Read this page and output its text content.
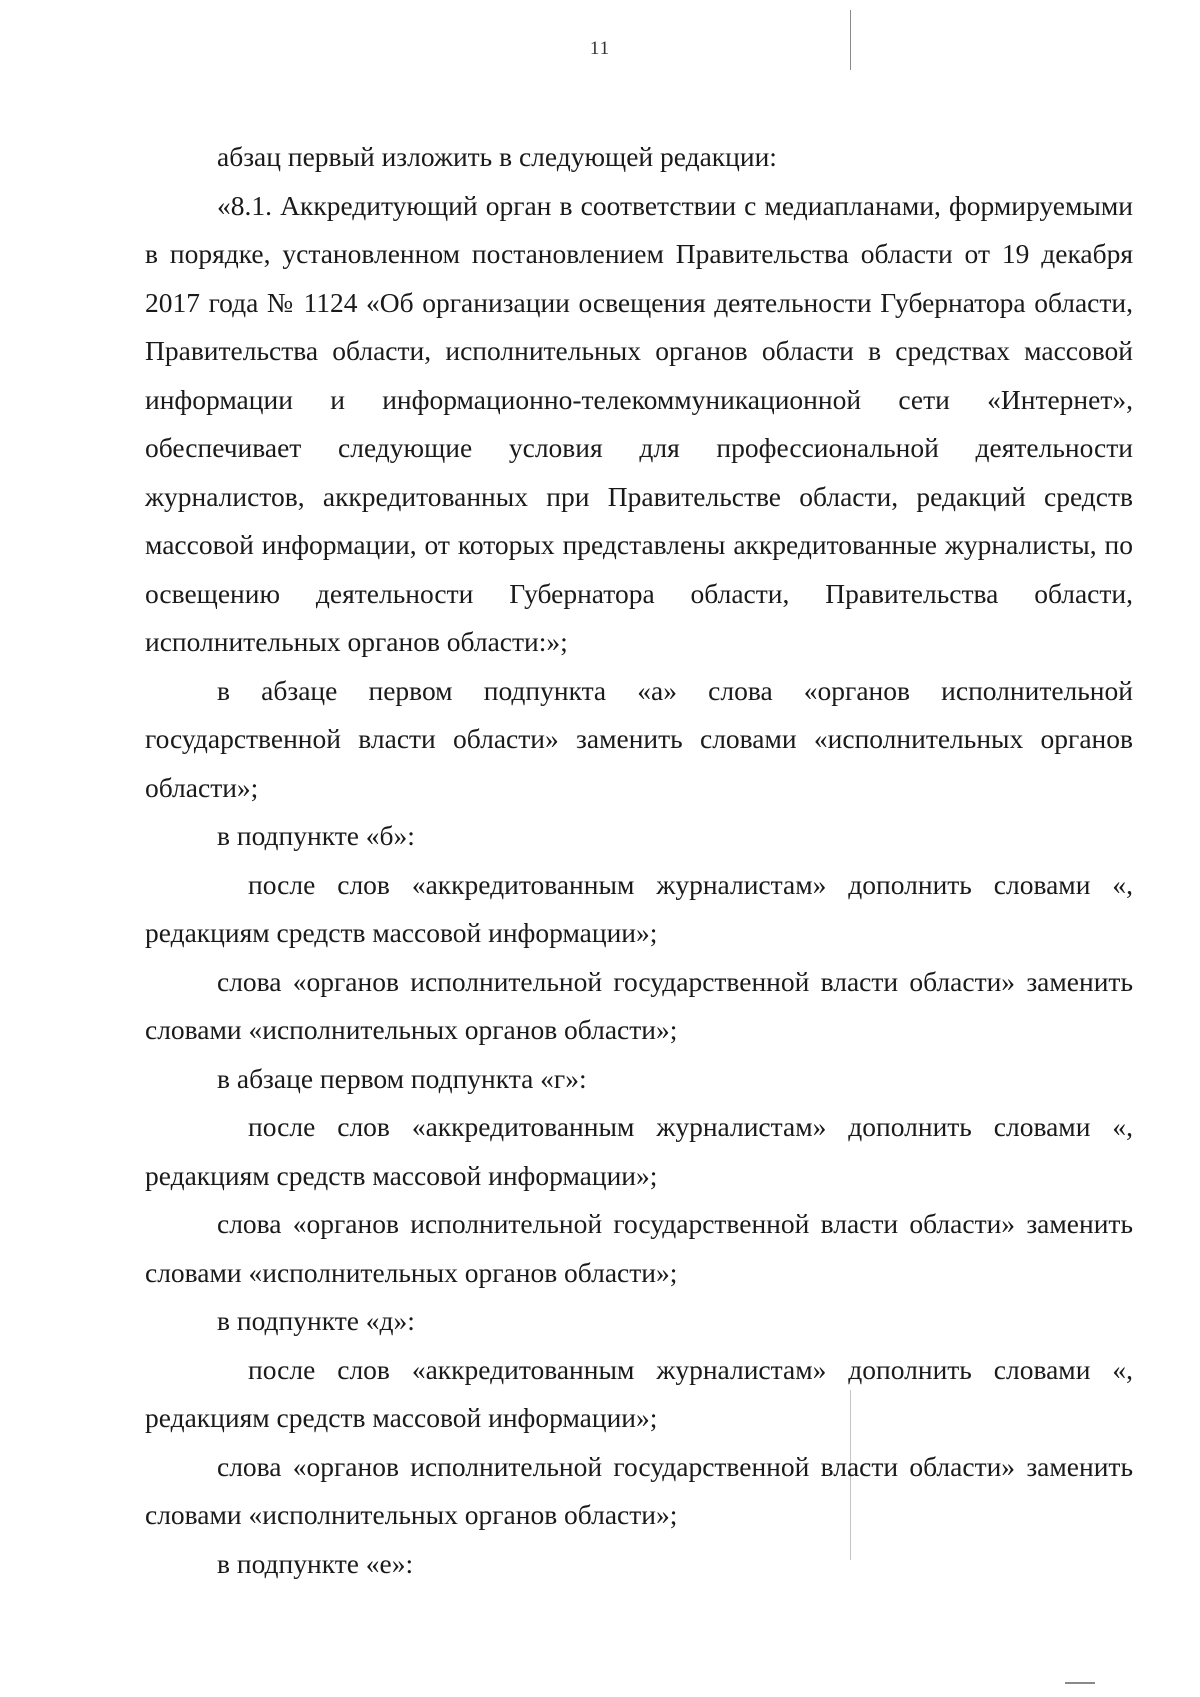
11

абзац первый изложить в следующей редакции:

«8.1. Аккредитующий орган в соответствии с медиапланами, формируемыми в порядке, установленном постановлением Правительства области от 19 декабря 2017 года № 1124 «Об организации освещения деятельности Губернатора области, Правительства области, исполнительных органов области в средствах массовой информации и информационно-телекоммуникационной сети «Интернет», обеспечивает следующие условия для профессиональной деятельности журналистов, аккредитованных при Правительстве области, редакций средств массовой информации, от которых представлены аккредитованные журналисты, по освещению деятельности Губернатора области, Правительства области, исполнительных органов области:»;

в абзаце первом подпункта «а» слова «органов исполнительной государственной власти области» заменить словами «исполнительных органов области»;

в подпункте «б»:

после слов «аккредитованным журналистам» дополнить словами «, редакциям средств массовой информации»;

слова «органов исполнительной государственной власти области» заменить словами «исполнительных органов области»;

в абзаце первом подпункта «г»:

после слов «аккредитованным журналистам» дополнить словами «, редакциям средств массовой информации»;

слова «органов исполнительной государственной власти области» заменить словами «исполнительных органов области»;

в подпункте «д»:

после слов «аккредитованным журналистам» дополнить словами «, редакциям средств массовой информации»;

слова «органов исполнительной государственной власти области» заменить словами «исполнительных органов области»;

в подпункте «е»:
